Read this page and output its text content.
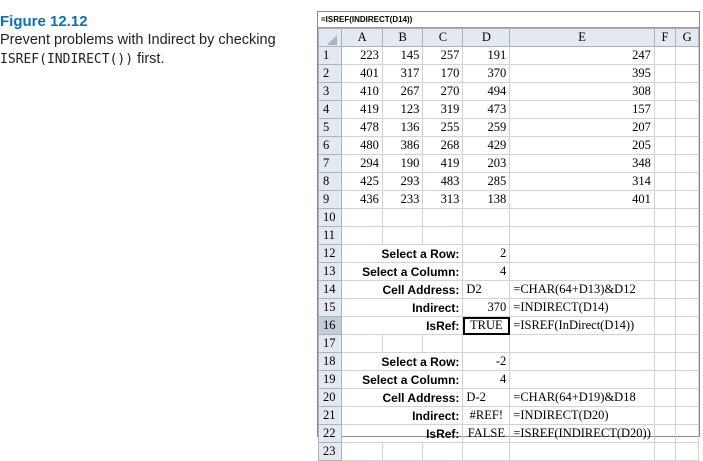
Figure 12.12
Prevent problems with Indirect by checking
ISREF(INDIRECT()) first.
=ISREF(INDIRECT(D14))
	A	B	C	D	E	F	G
1	223	145	257	191	247		
2	401	317	170	370	395		
3	410	267	270	494	308		
4	419	123	319	473	157		
5	478	136	255	259	207		
6	480	386	268	429	205		
7	294	190	419	203	348		
8	425	293	483	285	314		
9	436	233	313	138	401		
10							
11							
12	Select a Row:			2			
13	Select a Column:			4			
14	Cell Address:			D2	=CHAR(64+D13)&D12		
15	Indirect:			370	=INDIRECT(D14)		
16	IsRef:			TRUE	=ISREF(InDirect(D14))		
17							
18	Select a Row:			-2			
19	Select a Column:			4			
20	Cell Address:			D-2	=CHAR(64+D19)&D18		
21	Indirect:			#REF!	=INDIRECT(D20)		
22	IsRef:			FALSE	=ISREF(INDIRECT(D20))		
23							
